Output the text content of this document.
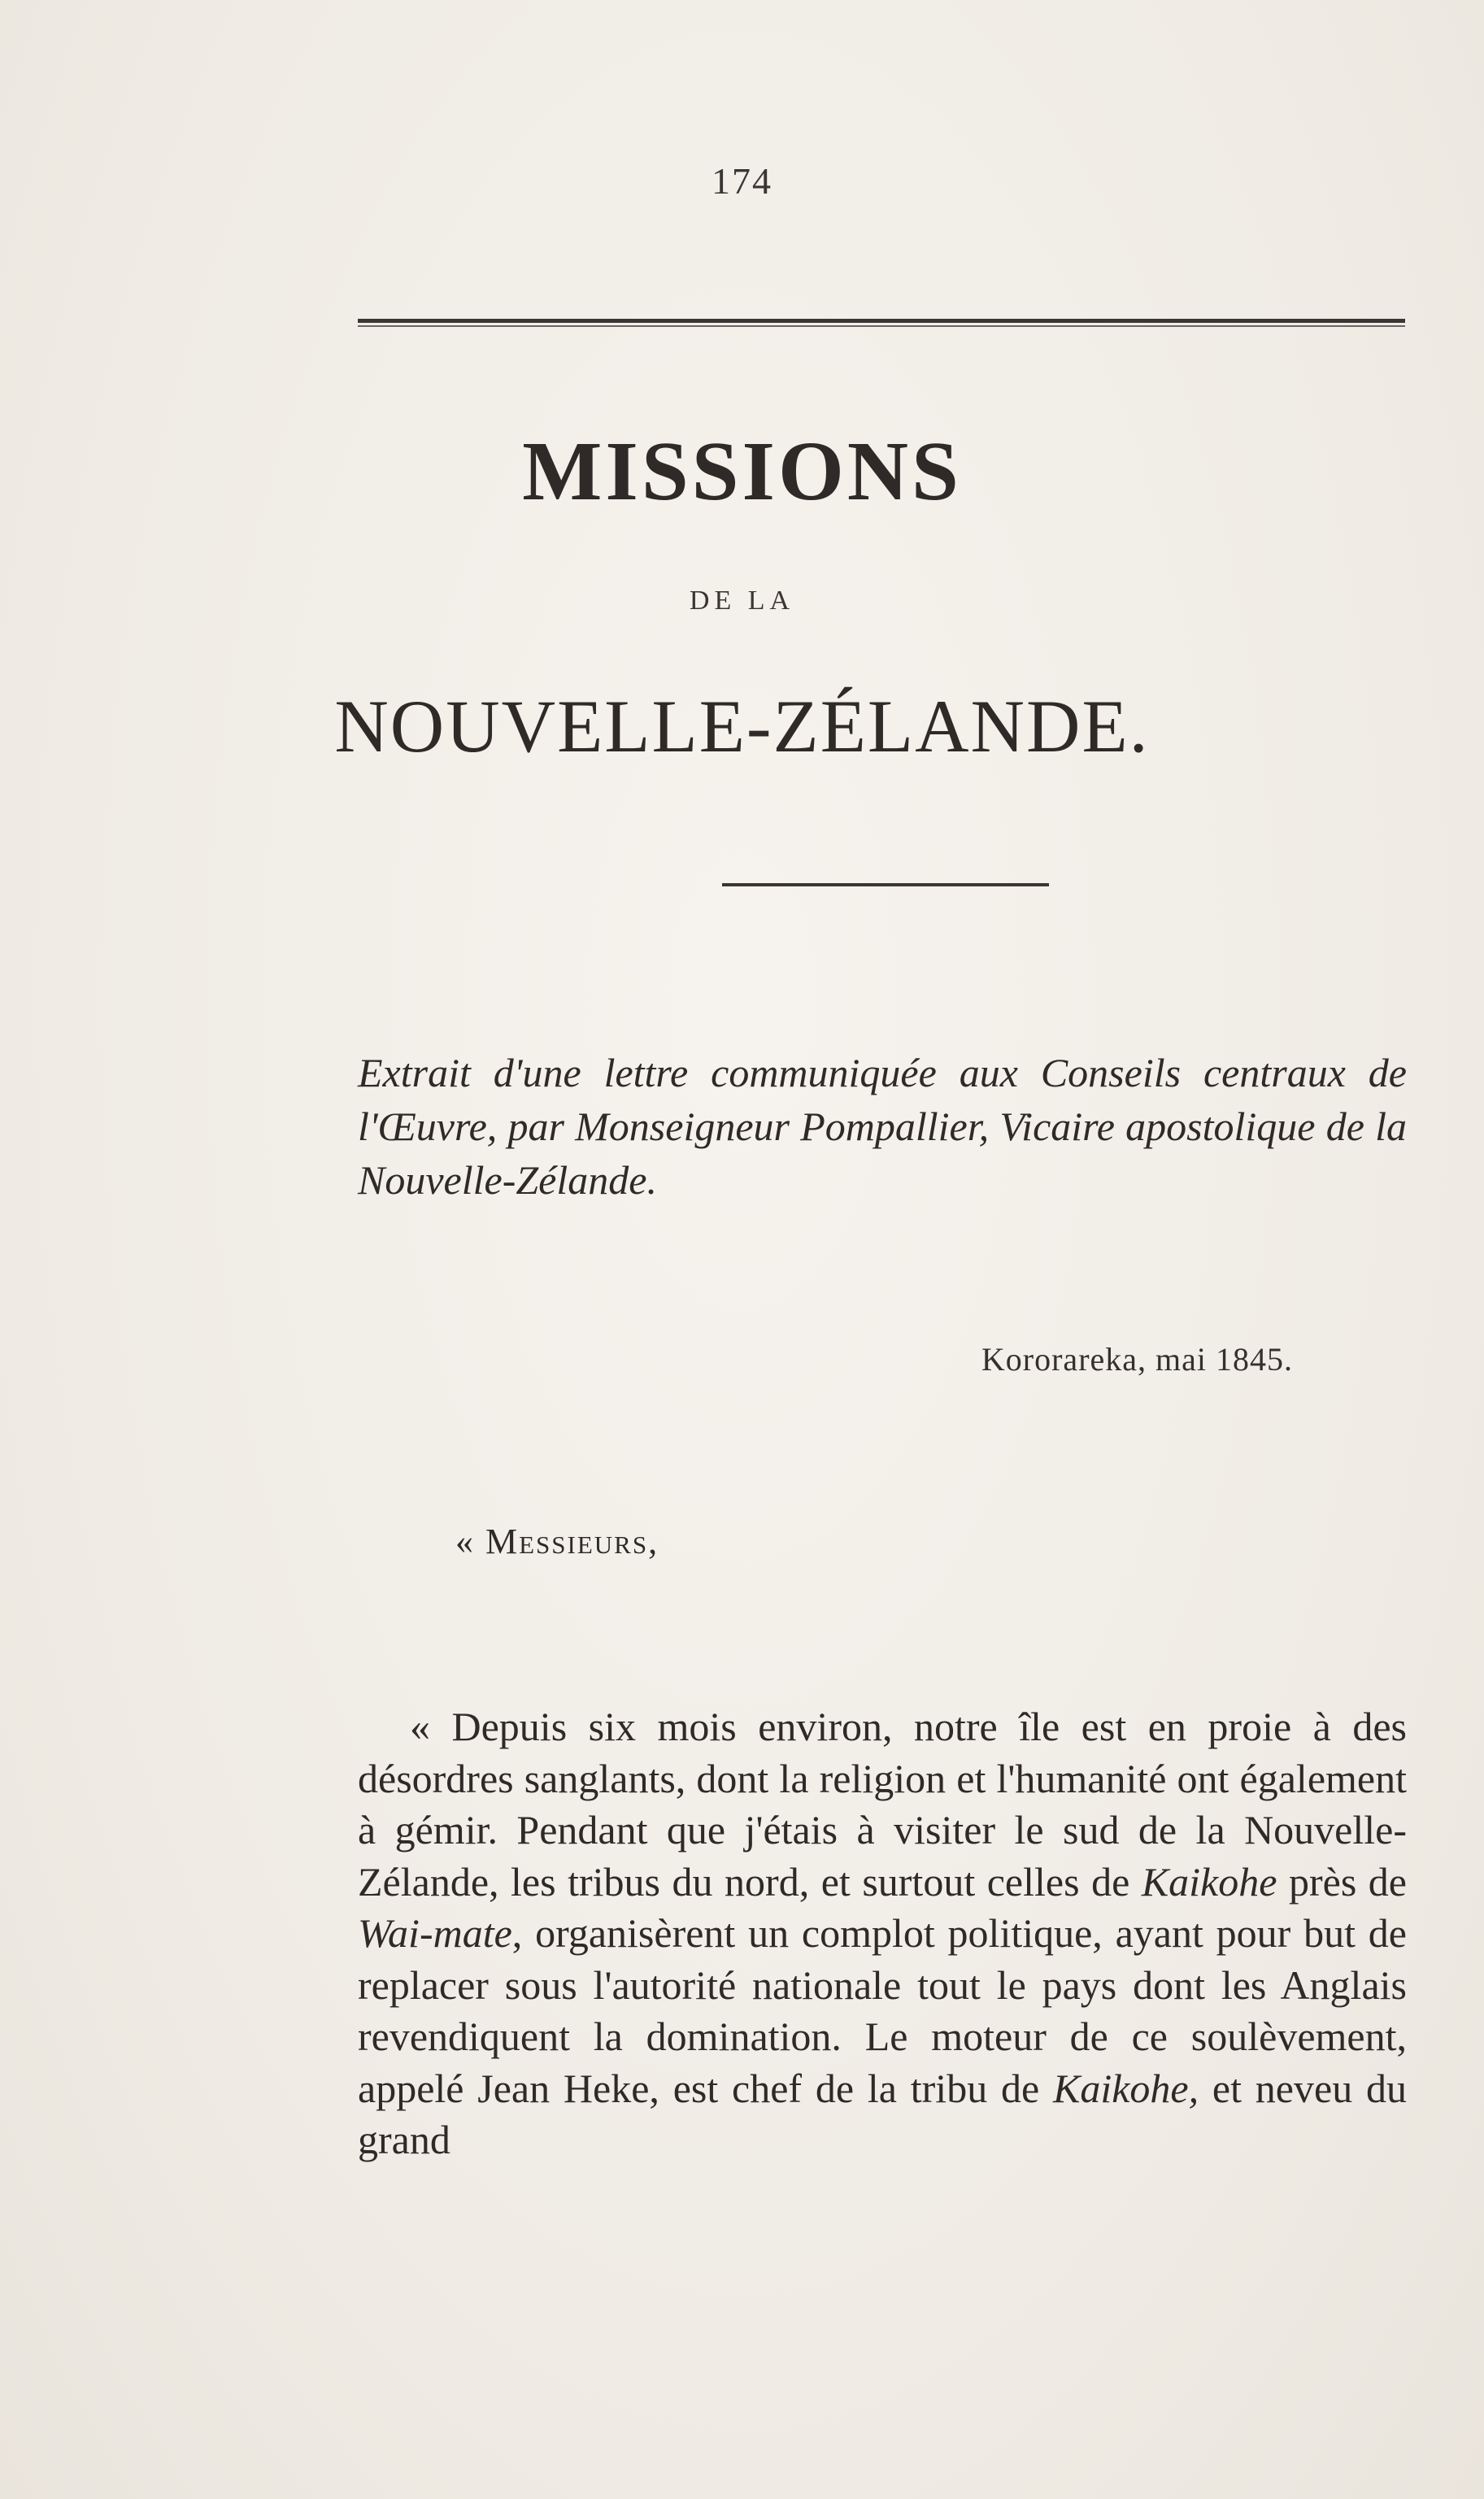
174
MISSIONS
DE LA
NOUVELLE-ZÉLANDE.
Extrait d'une lettre communiquée aux Conseils centraux de l'Œuvre, par Monseigneur Pompallier, Vicaire apostolique de la Nouvelle-Zélande.
Kororareka, mai 1845.
« Messieurs,
« Depuis six mois environ, notre île est en proie à des désordres sanglants, dont la religion et l'humanité ont également à gémir. Pendant que j'étais à visiter le sud de la Nouvelle-Zélande, les tribus du nord, et surtout celles de Kaikohe près de Wai-mate, organisèrent un complot politique, ayant pour but de replacer sous l'autorité nationale tout le pays dont les Anglais revendiquent la domination. Le moteur de ce soulèvement, appelé Jean Heke, est chef de la tribu de Kaikohe, et neveu du grand
